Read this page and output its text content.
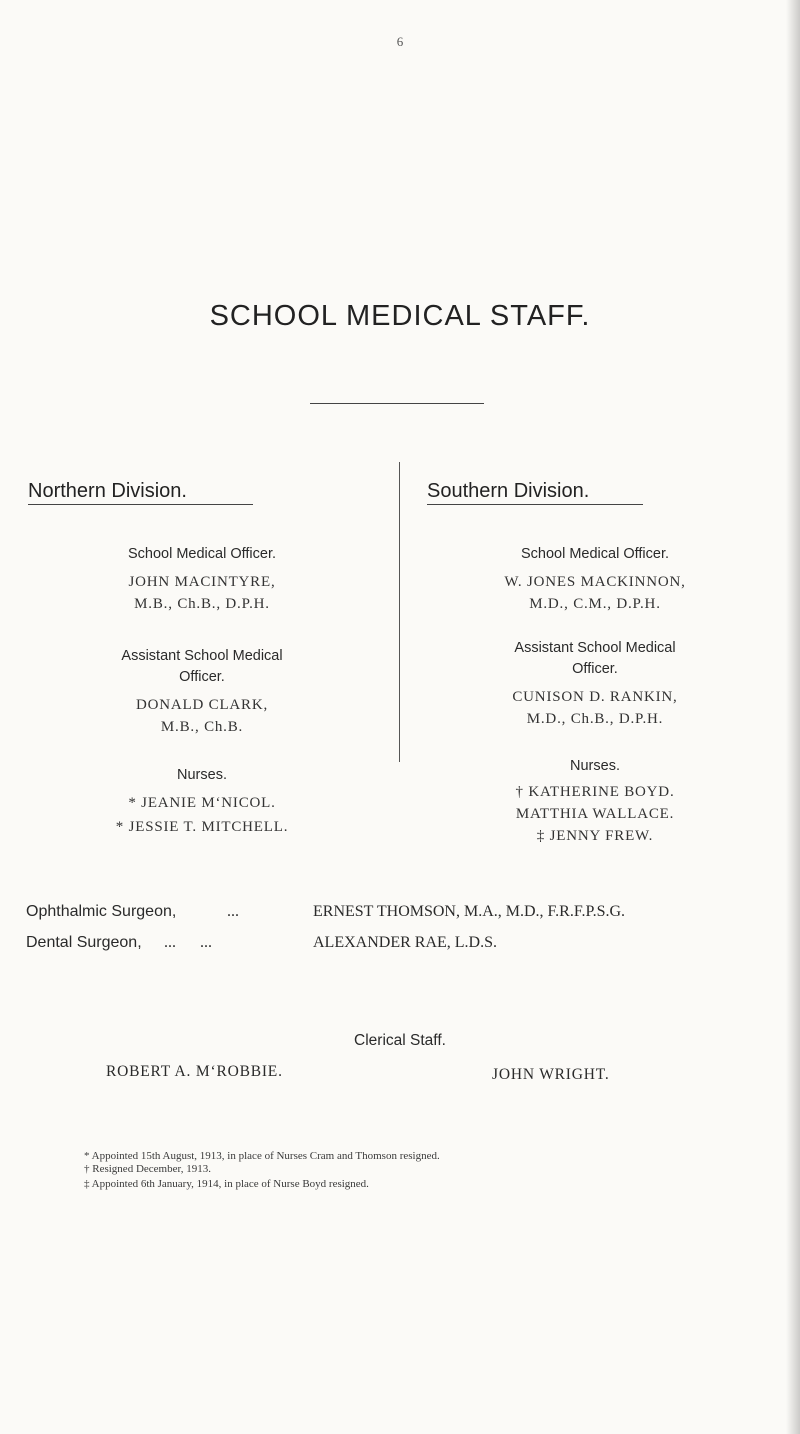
6
SCHOOL MEDICAL STAFF.
Northern Division.
School Medical Officer.
JOHN MACINTYRE,
M.B., Ch.B., D.P.H.
Assistant School Medical
Officer.
DONALD CLARK,
M.B., Ch.B.
Nurses.
* JEANIE M‘NICOL.
* JESSIE T. MITCHELL.
Southern Division.
School Medical Officer.
W. JONES MACKINNON,
M.D., C.M., D.P.H.
Assistant School Medical
Officer.
CUNISON D. RANKIN,
M.D., Ch.B., D.P.H.
Nurses.
† KATHERINE BOYD.
MATTHIA WALLACE.
‡ JENNY FREW.
Ophthalmic Surgeon,	...	ERNEST THOMSON, M.A., M.D., F.R.F.P.S.G.
Dental Surgeon, ...      ...	ALEXANDER RAE, L.D.S.
Clerical Staff.
ROBERT A. M‘ROBBIE.	JOHN WRIGHT.
* Appointed 15th August, 1913, in place of Nurses Cram and Thomson resigned.
† Resigned December, 1913.
‡ Appointed 6th January, 1914, in place of Nurse Boyd resigned.
